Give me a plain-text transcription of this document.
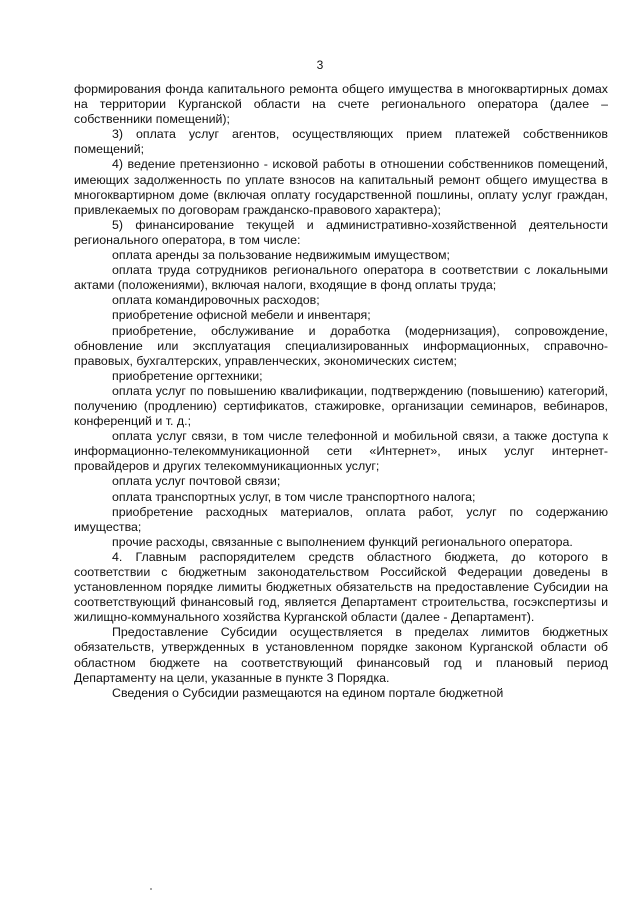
3

формирования фонда капитального ремонта общего имущества в многоквартирных домах на территории Курганской области на счете регионального оператора (далее – собственники помещений);

3) оплата услуг агентов, осуществляющих прием платежей собственников помещений;

4) ведение претензионно - исковой работы в отношении собственников помещений, имеющих задолженность по уплате взносов на капитальный ремонт общего имущества в многоквартирном доме (включая оплату государственной пошлины, оплату услуг граждан, привлекаемых по договорам гражданско-правового характера);

5) финансирование текущей и административно-хозяйственной деятельности регионального оператора, в том числе:

оплата аренды за пользование недвижимым имуществом;

оплата труда сотрудников регионального оператора в соответствии с локальными актами (положениями), включая налоги, входящие в фонд оплаты труда;

оплата командировочных расходов;

приобретение офисной мебели и инвентаря;

приобретение, обслуживание и доработка (модернизация), сопровождение, обновление или эксплуатация специализированных информационных, справочно-правовых, бухгалтерских, управленческих, экономических систем;

приобретение оргтехники;

оплата услуг по повышению квалификации, подтверждению (повышению) категорий, получению (продлению) сертификатов, стажировке, организации семинаров, вебинаров, конференций и т. д.;

оплата услуг связи, в том числе телефонной и мобильной связи, а также доступа к информационно-телекоммуникационной сети «Интернет», иных услуг интернет-провайдеров и других телекоммуникационных услуг;

оплата услуг почтовой связи;

оплата транспортных услуг, в том числе транспортного налога;

приобретение расходных материалов, оплата работ, услуг по содержанию имущества;

прочие расходы, связанные с выполнением функций регионального оператора.

4. Главным распорядителем средств областного бюджета, до которого в соответствии с бюджетным законодательством Российской Федерации доведены в установленном порядке лимиты бюджетных обязательств на предоставление Субсидии на соответствующий финансовый год, является Департамент строительства, госэкспертизы и жилищно-коммунального хозяйства Курганской области (далее - Департамент).

Предоставление Субсидии осуществляется в пределах лимитов бюджетных обязательств, утвержденных в установленном порядке законом Курганской области об областном бюджете на соответствующий финансовый год и плановый период Департаменту на цели, указанные в пункте 3 Порядка.

Сведения о Субсидии размещаются на едином портале бюджетной
